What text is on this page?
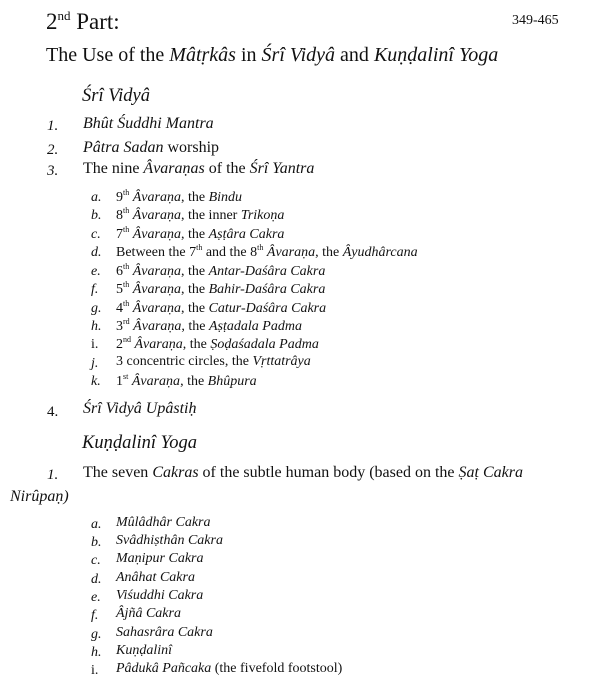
2nd Part:	349-465
The Use of the Mâtṛkâs in Śrî Vidyâ and Kuṇḍalinî Yoga
Śrî Vidyâ
1. Bhût Śuddhi Mantra
2. Pâtra Sadan worship
3. The nine Âvaraṇas of the Śrî Yantra
a. 9th Âvaraṇa, the Bindu
b. 8th Âvaraṇa, the inner Trikoṇa
c. 7th Âvaraṇa, the Aṣṭâra Cakra
d. Between the 7th and the 8th Âvaraṇa, the Âyudhârcana
e. 6th Âvaraṇa, the Antar-Daśâra Cakra
f. 5th Âvaraṇa, the Bahir-Daśâra Cakra
g. 4th Âvaraṇa, the Catur-Daśâra Cakra
h. 3rd Âvaraṇa, the Aṣṭadala Padma
i. 2nd Âvaraṇa, the Ṣoḍaśadala Padma
j. 3 concentric circles, the Vṛttatrâya
k. 1st Âvaraṇa, the Bhûpura
4. Śrî Vidyâ Upâstiḥ
Kuṇḍalinî Yoga
1. The seven Cakras of the subtle human body (based on the Ṣaṭ Cakra
Nirûpaṇ)
a. Mûlâdhâr Cakra
b. Svâdhiṣthân Cakra
c. Maṇipur Cakra
d. Anâhat Cakra
e. Viśuddhi Cakra
f. Âjñâ Cakra
g. Sahasrâra Cakra
h. Kuṇḍalinî
i. Pâdukâ Pañcaka (the fivefold footstool)
